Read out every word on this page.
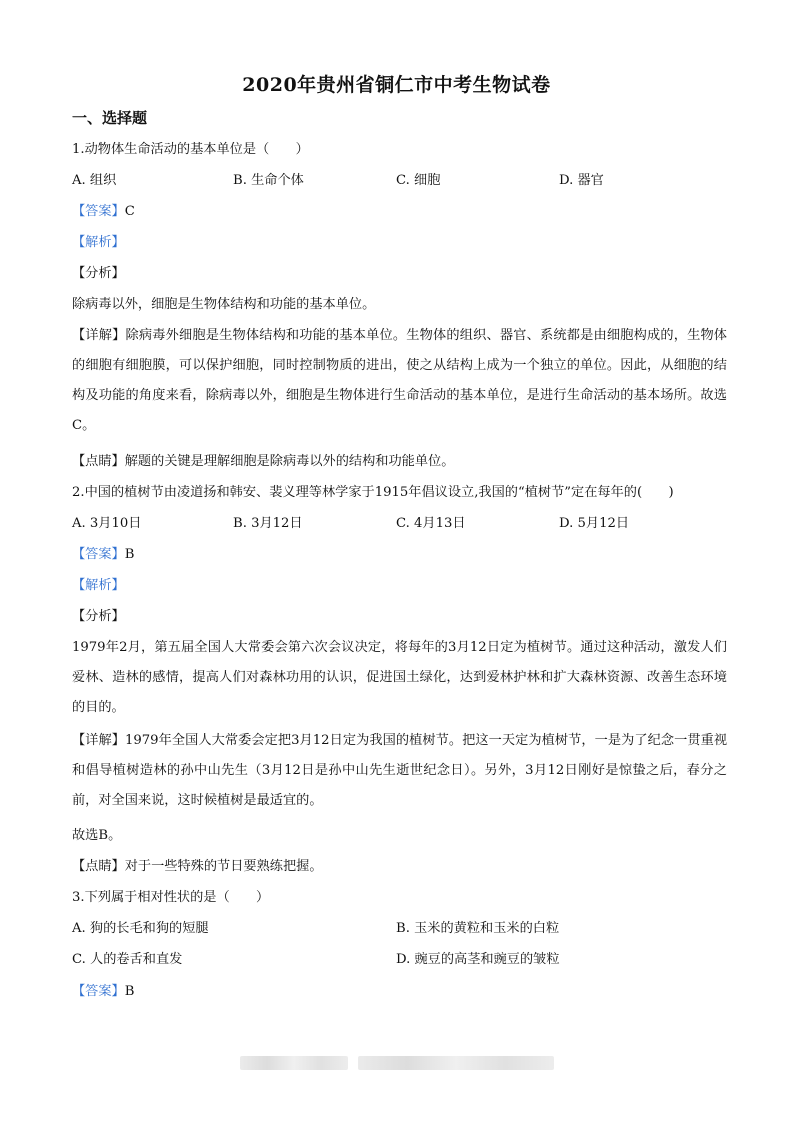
2020年贵州省铜仁市中考生物试卷
一、选择题
1.动物体生命活动的基本单位是（　　）
A. 组织	B. 生命个体	C. 细胞	D. 器官
【答案】C
【解析】
【分析】
除病毒以外，细胞是生物体结构和功能的基本单位。
【详解】除病毒外细胞是生物体结构和功能的基本单位。生物体的组织、器官、系统都是由细胞构成的，生物体的细胞有细胞膜，可以保护细胞，同时控制物质的进出，使之从结构上成为一个独立的单位。因此，从细胞的结构及功能的角度来看，除病毒以外，细胞是生物体进行生命活动的基本单位，是进行生命活动的基本场所。故选C。
【点睛】解题的关键是理解细胞是除病毒以外的结构和功能单位。
2.中国的植树节由凌道扬和韩安、裴义理等林学家于1915年倡议设立,我国的“植树节”定在每年的(　　)
A. 3月10日	B. 3月12日	C. 4月13日	D. 5月12日
【答案】B
【解析】
【分析】
1979年2月，第五届全国人大常委会第六次会议决定，将每年的3月12日定为植树节。通过这种活动，激发人们爱林、造林的感情，提高人们对森林功用的认识，促进国土绿化，达到爱林护林和扩大森林资源、改善生态环境的目的。
【详解】1979年全国人大常委会定把3月12日定为我国的植树节。把这一天定为植树节，一是为了纪念一贯重视和倡导植树造林的孙中山先生（3月12日是孙中山先生逝世纪念日）。另外，3月12日刚好是惊蛰之后，春分之前，对全国来说，这时候植树是最适宜的。
故选B。
【点睛】对于一些特殊的节日要熟练把握。
3.下列属于相对性状的是（　　）
A. 狗的长毛和狗的短腿	B. 玉米的黄粒和玉米的白粒
C. 人的卷舌和直发	D. 豌豆的高茎和豌豆的皱粒
【答案】B
